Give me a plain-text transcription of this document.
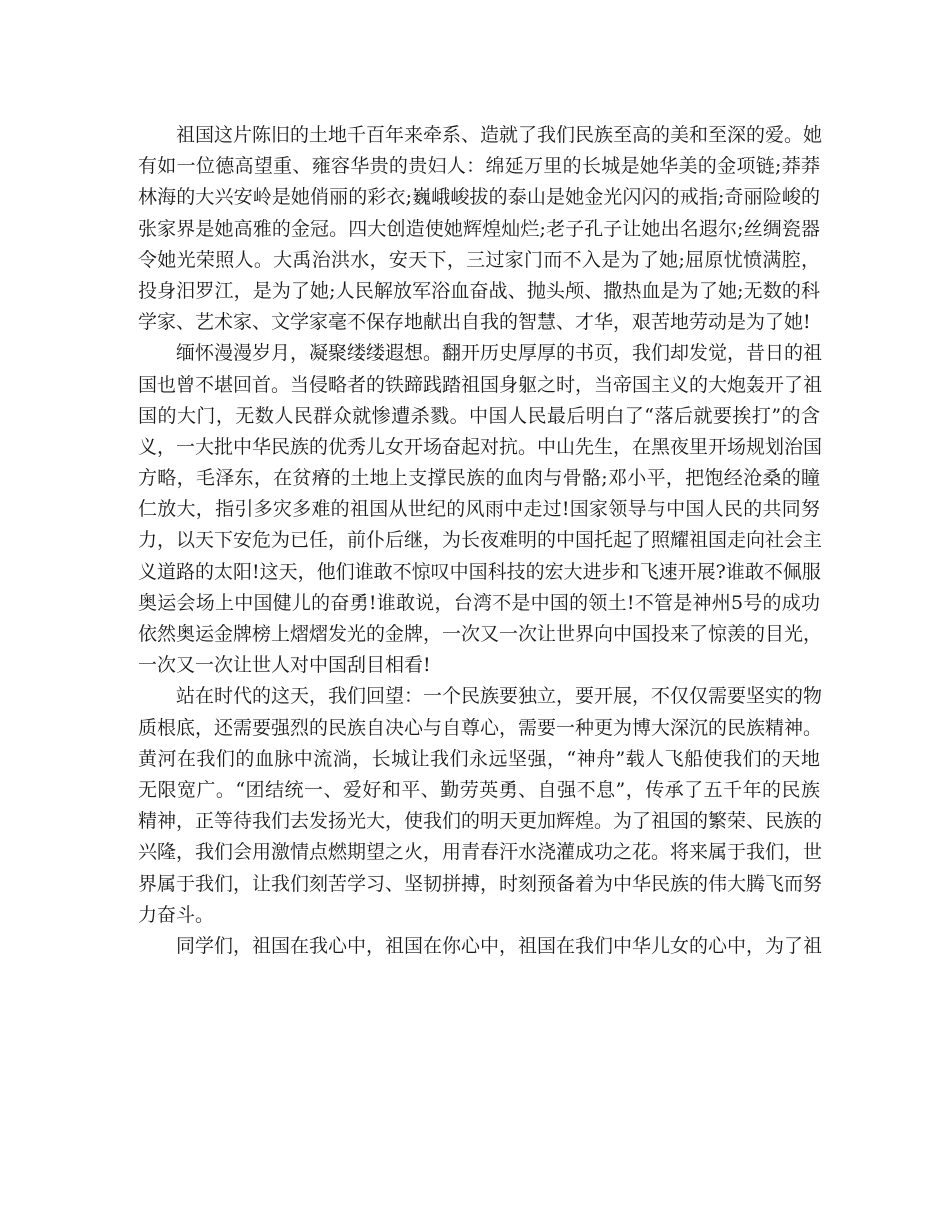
祖国这片陈旧的土地千百年来牵系、造就了我们民族至高的美和至深的爱。她
有如一位德高望重、雍容华贵的贵妇人：绵延万里的长城是她华美的金项链;莽莽
林海的大兴安岭是她俏丽的彩衣;巍峨峻拔的泰山是她金光闪闪的戒指;奇丽险峻的
张家界是她高雅的金冠。四大创造使她辉煌灿烂;老子孔子让她出名遐尔;丝绸瓷器
令她光荣照人。大禹治洪水，安天下，三过家门而不入是为了她;屈原忧愤满腔，
投身汨罗江，是为了她;人民解放军浴血奋战、抛头颅、撒热血是为了她;无数的科
学家、艺术家、文学家毫不保存地献出自我的智慧、才华，艰苦地劳动是为了她!
缅怀漫漫岁月，凝聚缕缕遐想。翻开历史厚厚的书页，我们却发觉，昔日的祖
国也曾不堪回首。当侵略者的铁蹄践踏祖国身躯之时，当帝国主义的大炮轰开了祖
国的大门，无数人民群众就惨遭杀戮。中国人民最后明白了“落后就要挨打”的含
义，一大批中华民族的优秀儿女开场奋起对抗。中山先生，在黑夜里开场规划治国
方略，毛泽东，在贫瘠的土地上支撑民族的血肉与骨骼;邓小平，把饱经沧桑的瞳
仁放大，指引多灾多难的祖国从世纪的风雨中走过!国家领导与中国人民的共同努
力，以天下安危为已任，前仆后继，为长夜难明的中国托起了照耀祖国走向社会主
义道路的太阳!这天，他们谁敢不惊叹中国科技的宏大进步和飞速开展?谁敢不佩服
奥运会场上中国健儿的奋勇!谁敢说，台湾不是中国的领土!不管是神州5号的成功
依然奥运金牌榜上熠熠发光的金牌，一次又一次让世界向中国投来了惊羡的目光，
一次又一次让世人对中国刮目相看!
站在时代的这天，我们回望：一个民族要独立，要开展，不仅仅需要坚实的物
质根底，还需要强烈的民族自决心与自尊心，需要一种更为博大深沉的民族精神。
黄河在我们的血脉中流淌，长城让我们永远坚强，“神舟”载人飞船使我们的天地
无限宽广。“团结统一、爱好和平、勤劳英勇、自强不息”，传承了五千年的民族
精神，正等待我们去发扬光大，使我们的明天更加辉煌。为了祖国的繁荣、民族的
兴隆，我们会用激情点燃期望之火，用青春汗水浇灌成功之花。将来属于我们，世
界属于我们，让我们刻苦学习、坚韧拼搏，时刻预备着为中华民族的伟大腾飞而努
力奋斗。
同学们，祖国在我心中，祖国在你心中，祖国在我们中华儿女的心中，为了祖
